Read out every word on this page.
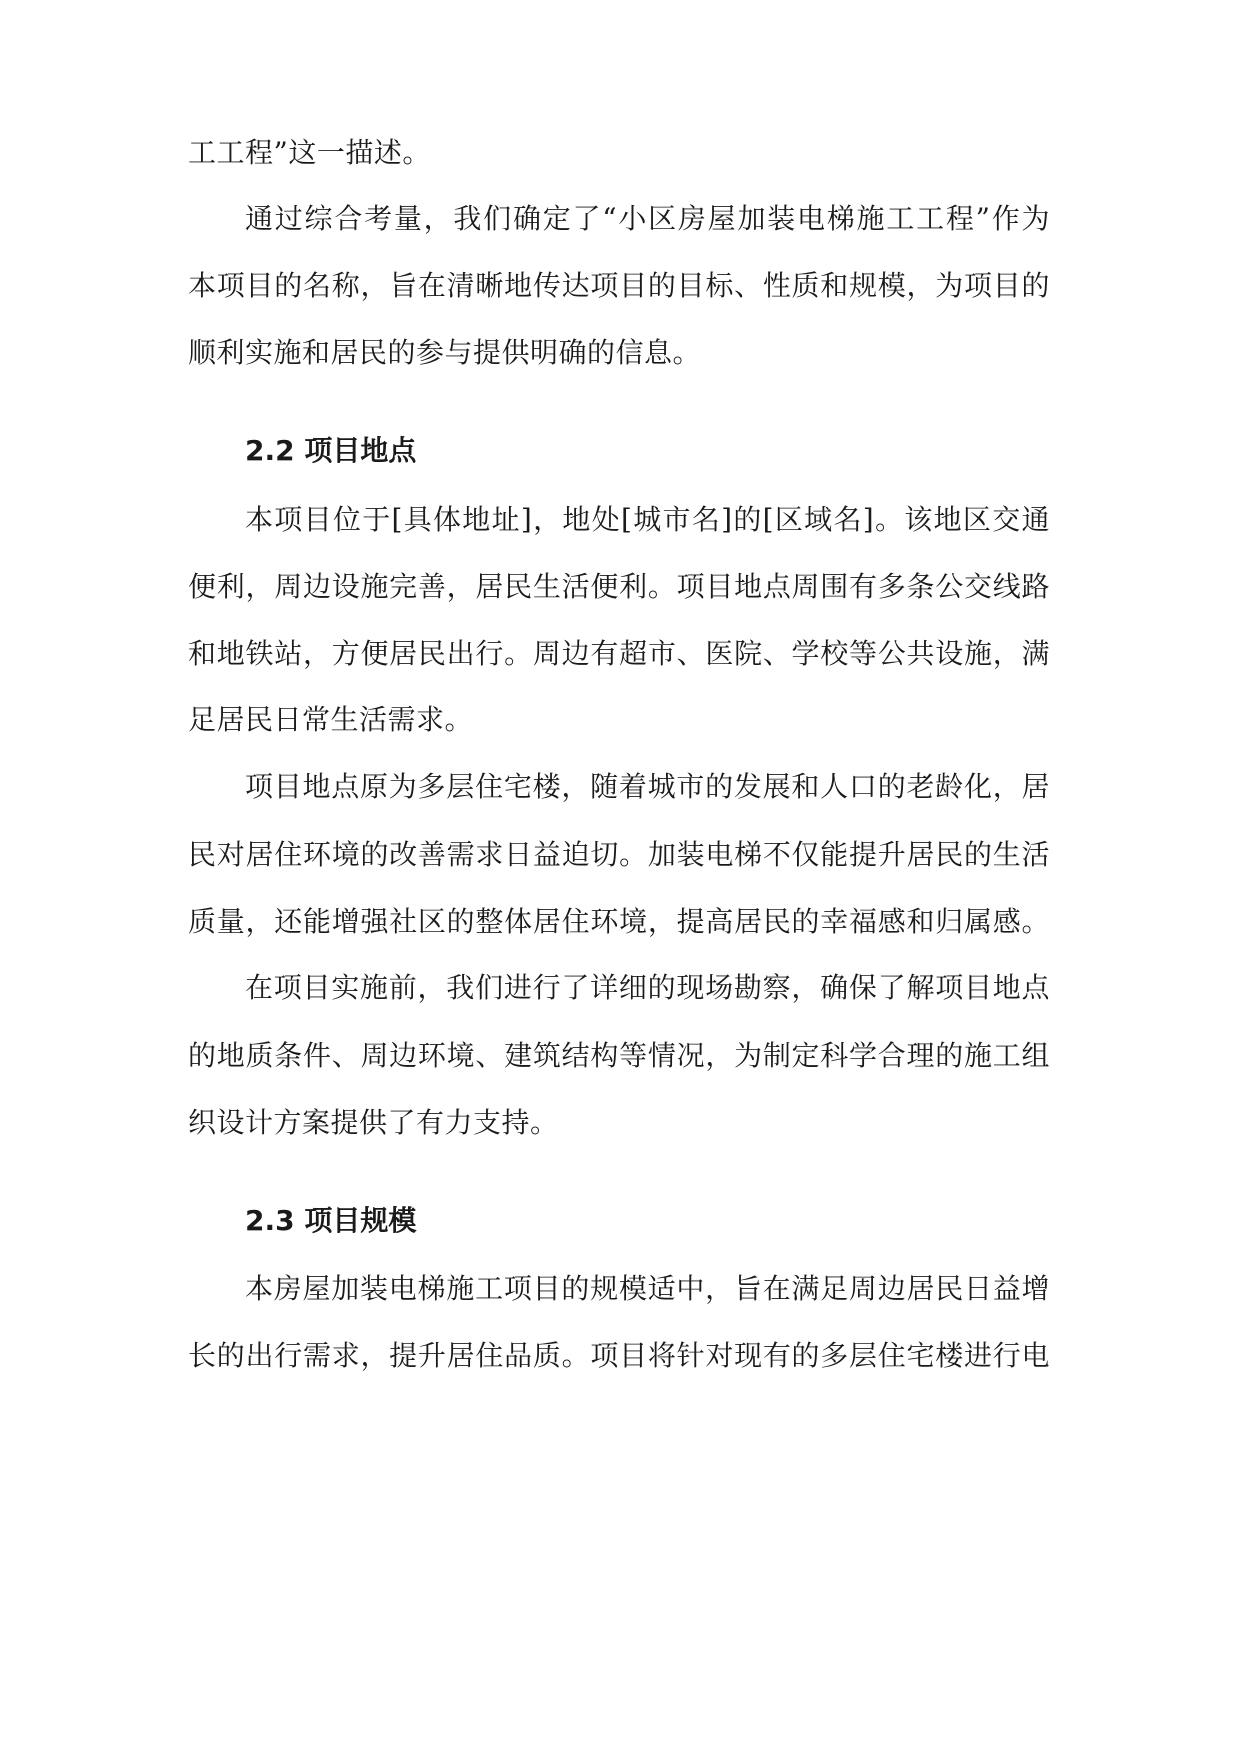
工工程”这一描述。
通过综合考量，我们确定了“小区房屋加装电梯施工工程”作为
本项目的名称，旨在清晰地传达项目的目标、性质和规模，为项目的
顺利实施和居民的参与提供明确的信息。
2.2 项目地点
本项目位于[具体地址]，地处[城市名]的[区域名]。该地区交通
便利，周边设施完善，居民生活便利。项目地点周围有多条公交线路
和地铁站，方便居民出行。周边有超市、医院、学校等公共设施，满
足居民日常生活需求。
项目地点原为多层住宅楼，随着城市的发展和人口的老龄化，居
民对居住环境的改善需求日益迫切。加装电梯不仅能提升居民的生活
质量，还能增强社区的整体居住环境，提高居民的幸福感和归属感。
在项目实施前，我们进行了详细的现场勘察，确保了解项目地点
的地质条件、周边环境、建筑结构等情况，为制定科学合理的施工组
织设计方案提供了有力支持。
2.3 项目规模
本房屋加装电梯施工项目的规模适中，旨在满足周边居民日益增
长的出行需求，提升居住品质。项目将针对现有的多层住宅楼进行电
